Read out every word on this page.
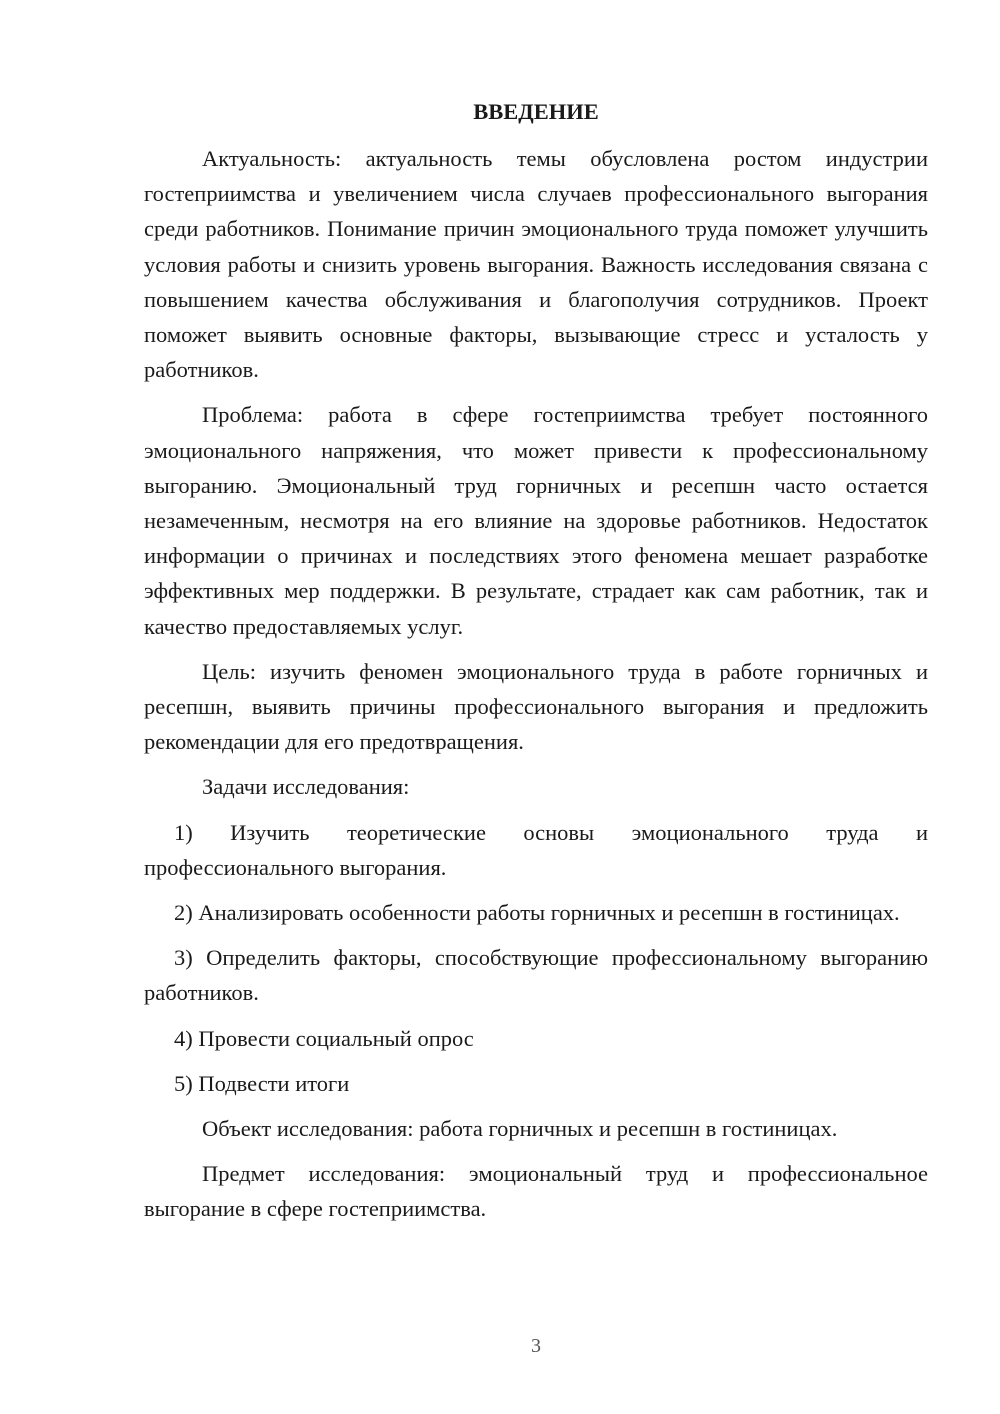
ВВЕДЕНИЕ

Актуальность: актуальность темы обусловлена ростом индустрии гостеприимства и увеличением числа случаев профессионального выгорания среди работников. Понимание причин эмоционального труда поможет улучшить условия работы и снизить уровень выгорания. Важность исследования связана с повышением качества обслуживания и благополучия сотрудников. Проект поможет выявить основные факторы, вызывающие стресс и усталость у работников.

Проблема: работа в сфере гостеприимства требует постоянного эмоционального напряжения, что может привести к профессиональному выгоранию. Эмоциональный труд горничных и ресепшн часто остается незамеченным, несмотря на его влияние на здоровье работников. Недостаток информации о причинах и последствиях этого феномена мешает разработке эффективных мер поддержки. В результате, страдает как сам работник, так и качество предоставляемых услуг.

Цель: изучить феномен эмоционального труда в работе горничных и ресепшн, выявить причины профессионального выгорания и предложить рекомендации для его предотвращения.

Задачи исследования:

1) Изучить теоретические основы эмоционального труда и профессионального выгорания.

2) Анализировать особенности работы горничных и ресепшн в гостиницах.

3) Определить факторы, способствующие профессиональному выгоранию работников.

4) Провести социальный опрос

5) Подвести итоги

Объект исследования: работа горничных и ресепшн в гостиницах.

Предмет исследования: эмоциональный труд и профессиональное выгорание в сфере гостеприимства.

3
